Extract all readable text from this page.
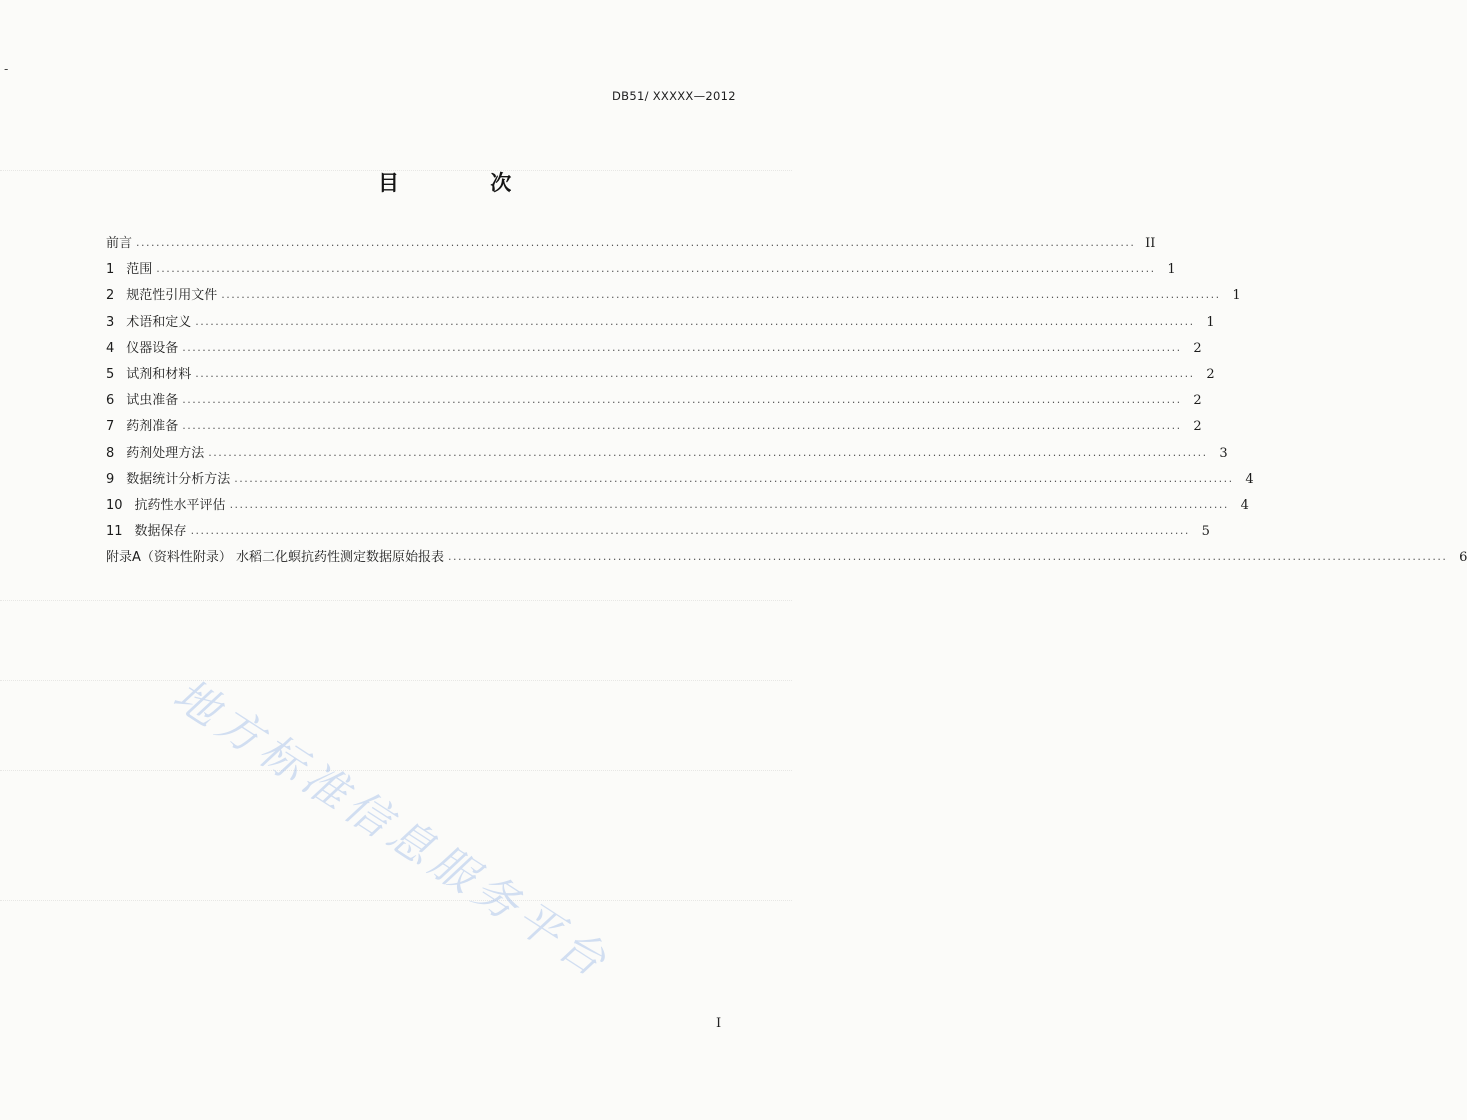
-
DB51/ XXXXX—2012
目 次
前言 ........................................................................................................................................................................................................ II
1 范围 ........................................................................................................................................................................................................ 1
2 规范性引用文件 ........................................................................................................................................................................................................ 1
3 术语和定义 ........................................................................................................................................................................................................ 1
4 仪器设备 ........................................................................................................................................................................................................ 2
5 试剂和材料 ........................................................................................................................................................................................................ 2
6 试虫准备 ........................................................................................................................................................................................................ 2
7 药剂准备 ........................................................................................................................................................................................................ 2
8 药剂处理方法 ........................................................................................................................................................................................................ 3
9 数据统计分析方法 ........................................................................................................................................................................................................ 4
10 抗药性水平评估 ........................................................................................................................................................................................................ 4
11 数据保存 ........................................................................................................................................................................................................ 5
附录A（资料性附录） 水稻二化螟抗药性测定数据原始报表 ........................................................................................................................................................................................................ 6
地方标准信息服务平台
I
